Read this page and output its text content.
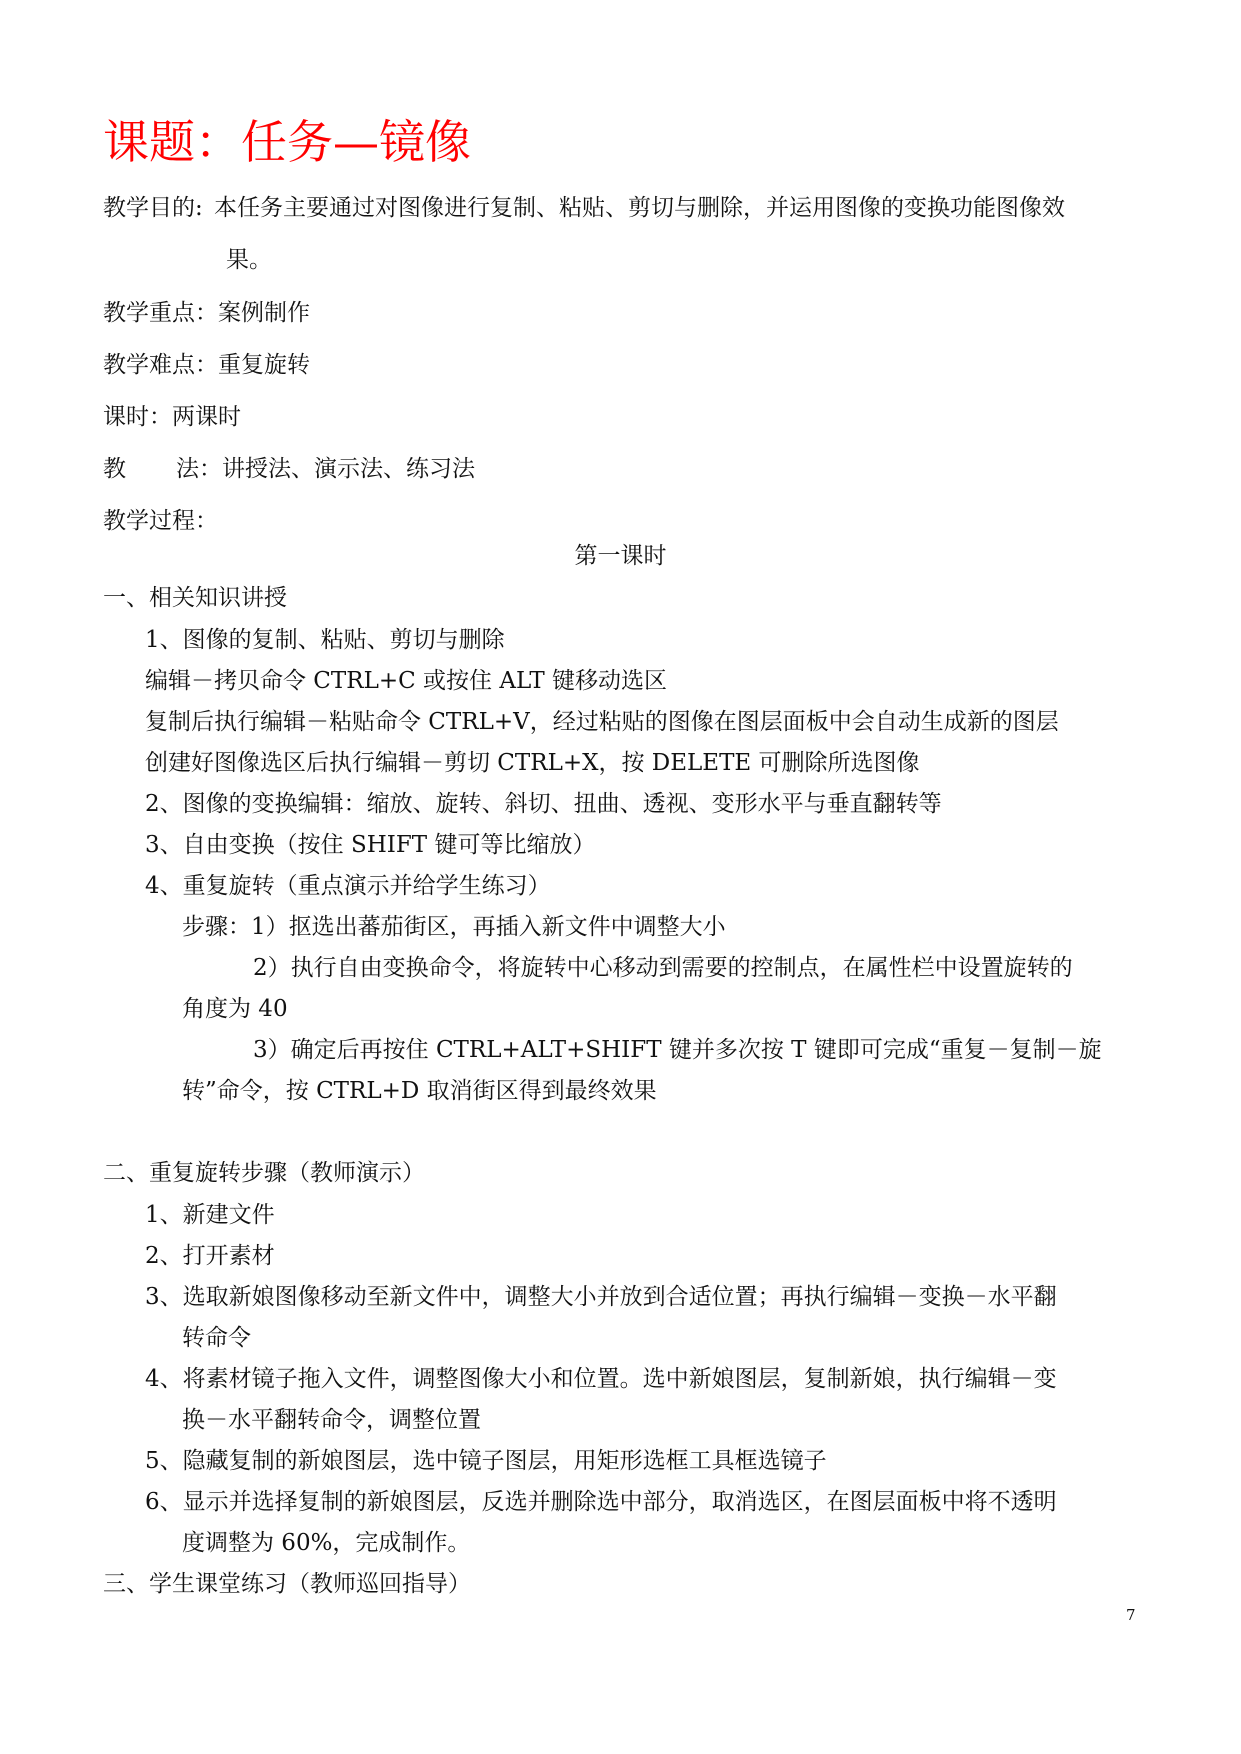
课题：任务—镜像
教学目的: 本任务主要通过对图像进行复制、粘贴、剪切与删除，并运用图像的变换功能图像效
果。
教学重点：案例制作
教学难点：重复旋转
课时：两课时
教 法：讲授法、演示法、练习法
教学过程：
第一课时
一、相关知识讲授
1、图像的复制、粘贴、剪切与删除
编辑－拷贝命令 CTRL+C 或按住 ALT 键移动选区
复制后执行编辑－粘贴命令 CTRL+V，经过粘贴的图像在图层面板中会自动生成新的图层
创建好图像选区后执行编辑－剪切 CTRL+X，按 DELETE 可删除所选图像
2、图像的变换编辑：缩放、旋转、斜切、扭曲、透视、变形水平与垂直翻转等
3、自由变换（按住 SHIFT 键可等比缩放）
4、重复旋转（重点演示并给学生练习）
步骤：1）抠选出蕃茄街区，再插入新文件中调整大小
2）执行自由变换命令，将旋转中心移动到需要的控制点，在属性栏中设置旋转的
角度为 40
3）确定后再按住 CTRL+ALT+SHIFT 键并多次按 T 键即可完成“重复－复制－旋
转”命令，按 CTRL+D 取消街区得到最终效果
二、重复旋转步骤（教师演示）
1、新建文件
2、打开素材
3、选取新娘图像移动至新文件中，调整大小并放到合适位置；再执行编辑－变换－水平翻
转命令
4、将素材镜子拖入文件，调整图像大小和位置。选中新娘图层，复制新娘，执行编辑－变
换－水平翻转命令，调整位置
5、隐藏复制的新娘图层，选中镜子图层，用矩形选框工具框选镜子
6、显示并选择复制的新娘图层，反选并删除选中部分，取消选区，在图层面板中将不透明
度调整为 60%，完成制作。
三、学生课堂练习（教师巡回指导）
7
